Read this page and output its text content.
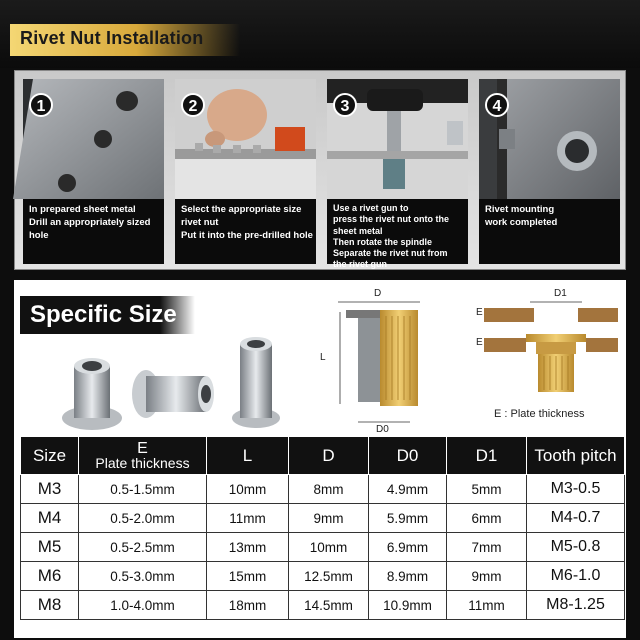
Rivet Nut Installation
1
In prepared sheet metal
Drill an appropriately sized
hole
2
Select the appropriate size
rivet nut
Put it into the pre-drilled hole
3
Use a rivet gun to
press the rivet nut onto the
sheet metal
Then rotate the spindle
Separate the rivet nut from
the rivet gun
4
Rivet mounting
work completed
Specific Size
D
L
D0
D1
E
E
E : Plate thickness
Size	E
Plate thickness	L	D	D0	D1	Tooth pitch
M3	0.5-1.5mm	10mm	8mm	4.9mm	5mm	M3-0.5
M4	0.5-2.0mm	11mm	9mm	5.9mm	6mm	M4-0.7
M5	0.5-2.5mm	13mm	10mm	6.9mm	7mm	M5-0.8
M6	0.5-3.0mm	15mm	12.5mm	8.9mm	9mm	M6-1.0
M8	1.0-4.0mm	18mm	14.5mm	10.9mm	11mm	M8-1.25
